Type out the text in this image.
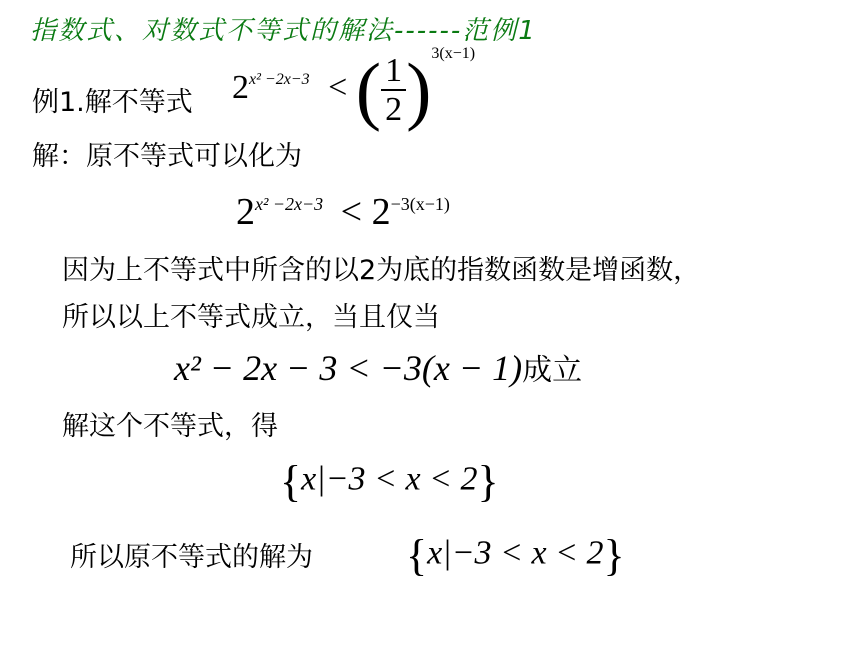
指数式、对数式不等式的解法------范例1
例1.解不等式 $2^{x^2 -2x-3}$ < ( $\frac{1}{2} )^{3(x-1)}$
解：原不等式可以化为
$2^{x^2 -2x-3} < 2^{-3(x-1)}$
因为上不等式中所含的以2为底的指数函数是增函数，
所以以上不等式成立，当且仅当
x² − 2x − 3 < −3(x − 1)成立
解这个不等式，得
{x|−3 < x < 2}
所以原不等式的解为 {x|−3 < x < 2}
